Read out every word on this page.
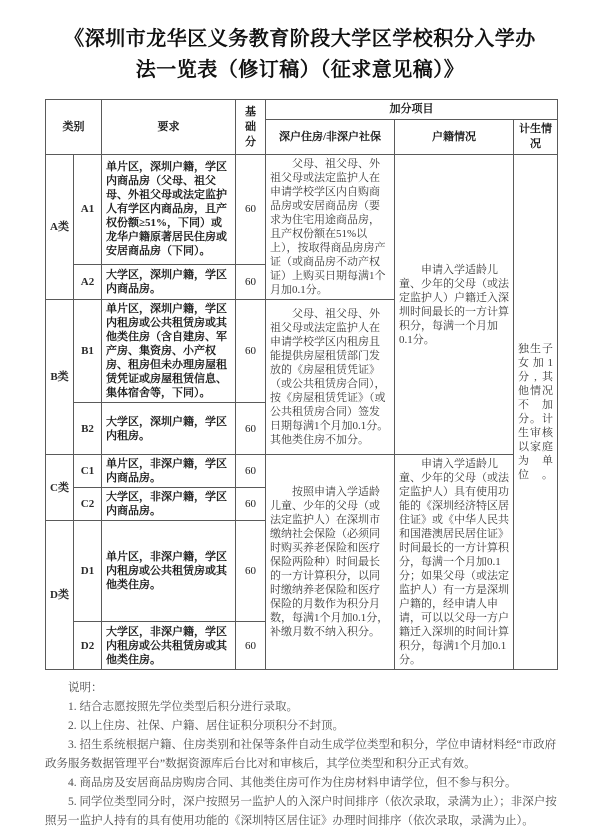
《深圳市龙华区义务教育阶段大学区学校积分入学办
法一览表（修订稿）（征求意见稿）》
类别		要求	基础分	加分项目		
				深户住房/非深户社保	户籍情况	计生情况
A类	A1	单片区，深圳户籍，学区内商品房（父母、祖父母、外祖父母或法定监护人有学区内商品房，且产权份额≥51%，下同）或龙华户籍原著居民住房或安居商品房（下同）。	60	父母、祖父母、外祖父母或法定监护人在申请学校学区内自购商品房或安居商品房（要求为住宅用途商品房，且产权份额在51%以上），按取得商品房房产证（或商品房不动产权证）上购买日期每满1个月加0.1分。	申请入学适龄儿童、少年的父母（或法定监护人）户籍迁入深圳时间最长的一方计算积分，每满一个月加0.1分。	独生子女加1分,其他情况不加分。计生审核以家庭为单位。
	A2	大学区，深圳户籍，学区内商品房。	60			
B类	B1	单片区，深圳户籍，学区内租房或公共租赁房或其他类住房（含自建房、军产房、集资房、小产权房、租房但未办理房屋租赁凭证或房屋租赁信息、集体宿舍等，下同）。	60	父母、祖父母、外祖父母或法定监护人在申请学校学区内租房且能提供房屋租赁部门发放的《房屋租赁凭证》（或公共租赁房合同），按《房屋租赁凭证》（或公共租赁房合同）签发日期每满1个月加0.1分。其他类住房不加分。		
	B2	大学区，深圳户籍，学区内租房。	60			
C类	C1	单片区，非深户籍，学区内商品房。	60	按照申请入学适龄儿童、少年的父母（或法定监护人）在深圳市缴纳社会保险（必须同时购买养老保险和医疗保险两险种）时间最长的一方计算积分，以同时缴纳养老保险和医疗保险的月数作为积分月数，每满1个月加0.1分，补缴月数不纳入积分。	申请入学适龄儿童、少年的父母（或法定监护人）具有使用功能的《深圳经济特区居住证》或《中华人民共和国港澳居民居住证》时间最长的一方计算积分，每满一个月加0.1分；如果父母（或法定监护人）有一方是深圳户籍的，经申请人申请，可以以父母一方户籍迁入深圳的时间计算积分，每满1个月加0.1分。	
	C2	大学区，非深户籍，学区内商品房。	60			
D类	D1	单片区，非深户籍，学区内租房或公共租赁房或其他类住房。	60			
	D2	大学区，非深户籍，学区内租房或公共租赁房或其他类住房。	60			

说明：

1. 结合志愿按照先学位类型后积分进行录取。

2. 以上住房、社保、户籍、居住证积分项积分不封顶。

3. 招生系统根据户籍、住房类别和社保等条件自动生成学位类型和积分，学位申请材料经“市政府政务服务数据管理平台”数据资源库后台比对和审核后，其学位类型和积分正式有效。

4. 商品房及安居商品房购房合同、其他类住房可作为住房材料申请学位，但不参与积分。

5. 同学位类型同分时，深户按照另一监护人的入深户时间排序（依次录取，录满为止）；非深户按照另一监护人持有的具有使用功能的《深圳特区居住证》办理时间排序（依次录取，录满为止）。
